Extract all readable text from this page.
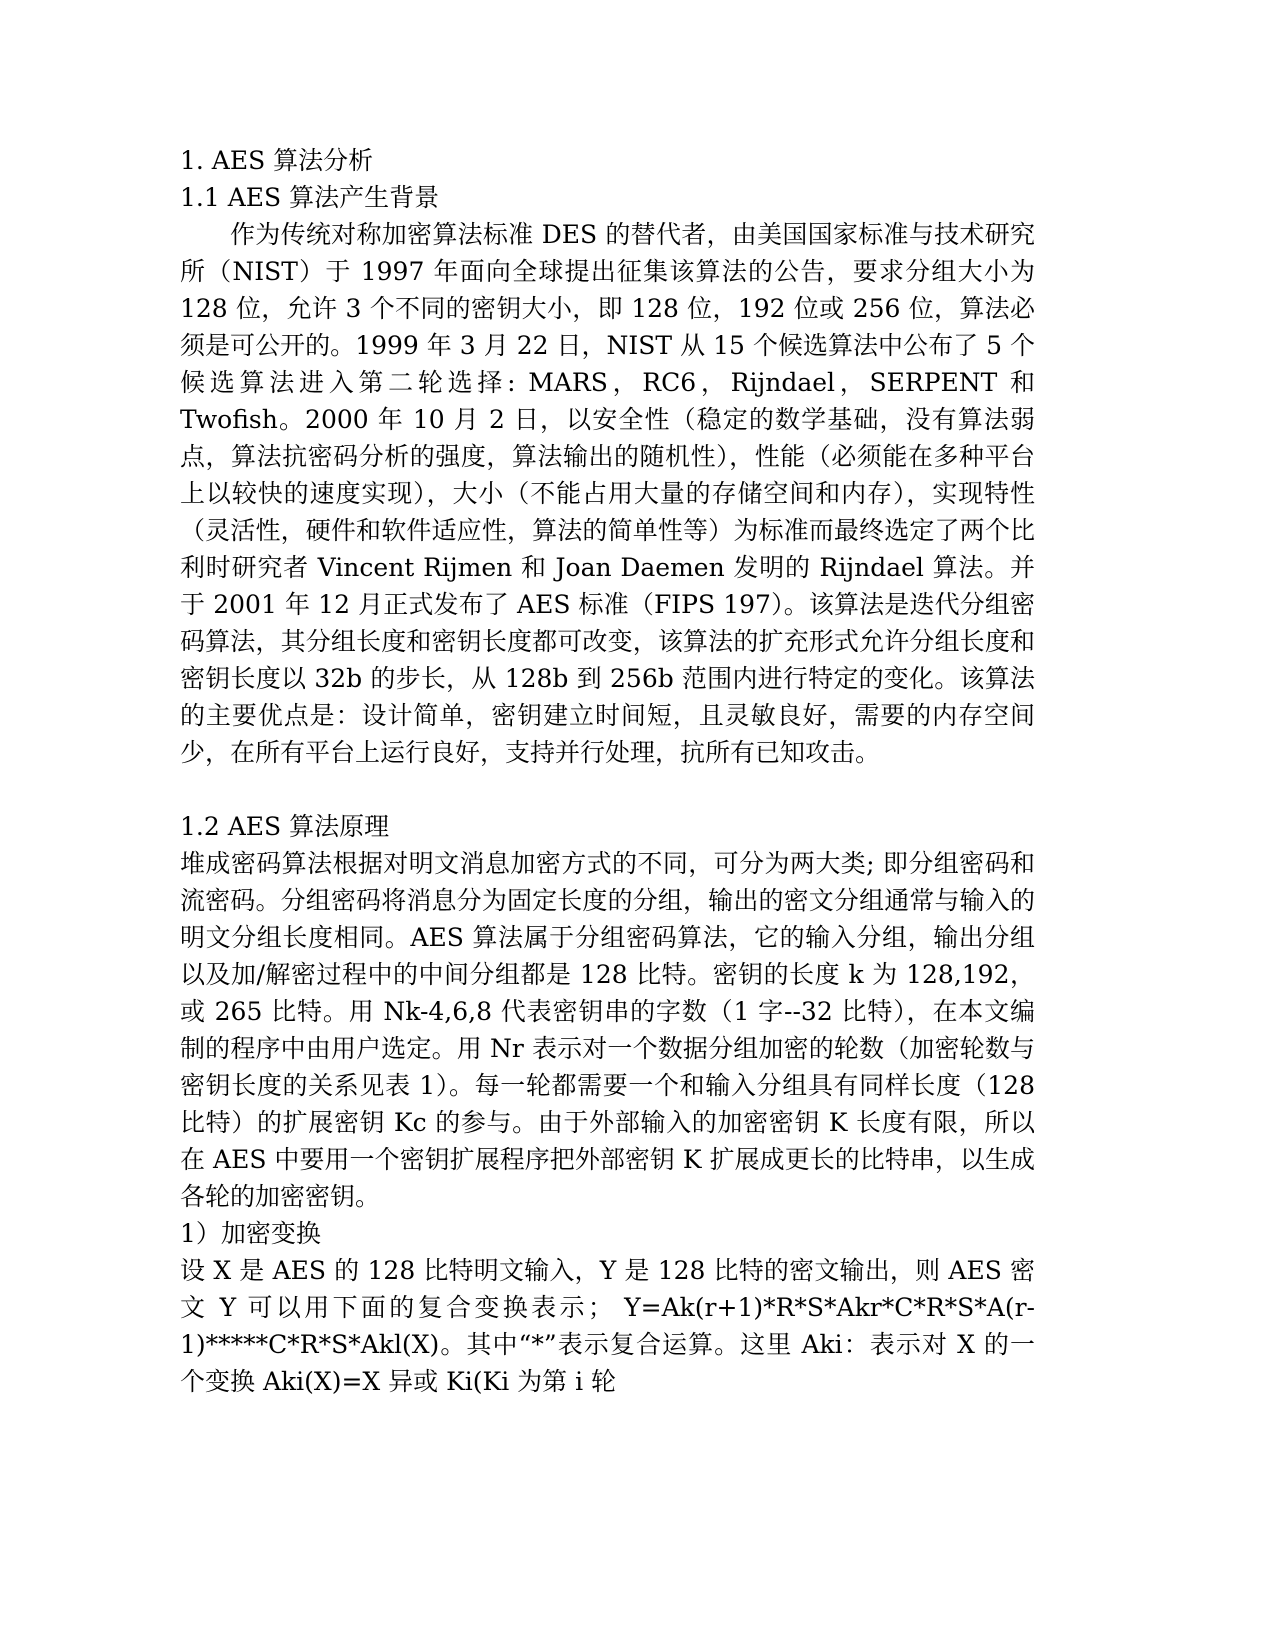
1. AES 算法分析
1.1 AES 算法产生背景

作为传统对称加密算法标准 DES 的替代者，由美国国家标准与技术研究所（NIST）于 1997 年面向全球提出征集该算法的公告，要求分组大小为 128 位，允许 3 个不同的密钥大小，即 128 位，192 位或 256 位，算法必须是可公开的。1999 年 3 月 22 日，NIST 从 15 个候选算法中公布了 5 个候选算法进入第二轮选择: MARS，RC6，Rijndael，SERPENT 和 Twofish。2000 年 10 月 2 日，以安全性（稳定的数学基础，没有算法弱点，算法抗密码分析的强度，算法输出的随机性），性能（必须能在多种平台上以较快的速度实现），大小（不能占用大量的存储空间和内存），实现特性（灵活性，硬件和软件适应性，算法的简单性等）为标准而最终选定了两个比利时研究者 Vincent Rijmen 和 Joan Daemen 发明的 Rijndael 算法。并于 2001 年 12 月正式发布了 AES 标准（FIPS 197）。该算法是迭代分组密码算法，其分组长度和密钥长度都可改变，该算法的扩充形式允许分组长度和密钥长度以 32b 的步长，从 128b 到 256b 范围内进行特定的变化。该算法的主要优点是：设计简单，密钥建立时间短，且灵敏良好，需要的内存空间少，在所有平台上运行良好，支持并行处理，抗所有已知攻击。

1.2 AES 算法原理

堆成密码算法根据对明文消息加密方式的不同，可分为两大类; 即分组密码和流密码。分组密码将消息分为固定长度的分组，输出的密文分组通常与输入的明文分组长度相同。AES 算法属于分组密码算法，它的输入分组，输出分组以及加/解密过程中的中间分组都是 128 比特。密钥的长度 k 为 128,192，或 265 比特。用 Nk-4,6,8 代表密钥串的字数（1 字--32 比特），在本文编制的程序中由用户选定。用 Nr 表示对一个数据分组加密的轮数（加密轮数与密钥长度的关系见表 1）。每一轮都需要一个和输入分组具有同样长度（128 比特）的扩展密钥 Kc 的参与。由于外部输入的加密密钥 K 长度有限，所以在 AES 中要用一个密钥扩展程序把外部密钥 K 扩展成更长的比特串，以生成各轮的加密密钥。

1）加密变换

设 X 是 AES 的 128 比特明文输入，Y 是 128 比特的密文输出，则 AES 密文 Y 可以用下面的复合变换表示； Y=Ak(r+1)*R*S*Akr*C*R*S*A(r-1)*****C*R*S*Akl(X)。其中“*”表示复合运算。这里 Aki：表示对 X 的一个变换 Aki(X)=X 异或 Ki(Ki 为第 i 轮
